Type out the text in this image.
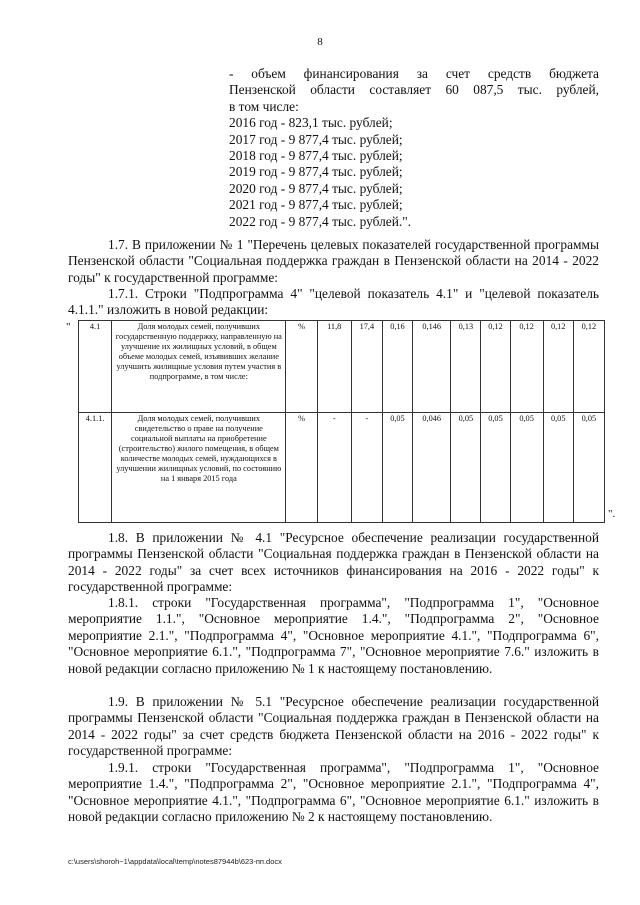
8
- объем финансирования за счет средств бюджета
Пензенской области составляет 60 087,5 тыс. рублей,
в том числе:
2016 год - 823,1 тыс. рублей;
2017 год - 9 877,4 тыс. рублей;
2018 год - 9 877,4 тыс. рублей;
2019 год - 9 877,4 тыс. рублей;
2020 год - 9 877,4 тыс. рублей;
2021 год - 9 877,4 тыс. рублей;
2022 год - 9 877,4 тыс. рублей.".
1.7. В приложении № 1 "Перечень целевых показателей государственной программы Пензенской области "Социальная поддержка граждан в Пензенской области на 2014 - 2022 годы" к государственной программе:
1.7.1. Строки "Подпрограмма 4" "целевой показатель 4.1" и "целевой показатель 4.1.1." изложить в новой редакции:
" 4.1	Доля молодых семей, получивших государственную поддержку, направленную на улучшение их жилищных условий, в общем объеме молодых семей, изъявивших желание улучшить жилищные условия путем участия в подпрограмме, в том числе:	%	11,8	17,4	0,16	0,146	0,13	0,12	0,12	0,12	0,12
4.1.1.	Доля молодых семей, получивших свидетельство о праве на получение социальной выплаты на приобретение (строительство) жилого помещения, в общем количестве молодых семей, нуждающихся в улучшении жилищных условий, по состоянию на 1 января 2015 года	%	-	-	0,05	0,046	0,05	0,05	0,05	0,05	0,05
".
1.8. В приложении № 4.1 "Ресурсное обеспечение реализации государственной программы Пензенской области "Социальная поддержка граждан в Пензенской области на 2014 - 2022 годы" за счет всех источников финансирования на 2016 - 2022 годы" к государственной программе:
1.8.1. строки "Государственная программа", "Подпрограмма 1", "Основное мероприятие 1.1.", "Основное мероприятие 1.4.", "Подпрограмма 2", "Основное мероприятие 2.1.", "Подпрограмма 4", "Основное мероприятие 4.1.", "Подпрограмма 6", "Основное мероприятие 6.1.", "Подпрограмма 7", "Основное мероприятие 7.6." изложить в новой редакции согласно приложению № 1 к настоящему постановлению.
1.9. В приложении № 5.1 "Ресурсное обеспечение реализации государственной программы Пензенской области "Социальная поддержка граждан в Пензенской области на 2014 - 2022 годы" за счет средств бюджета Пензенской области на 2016 - 2022 годы" к государственной программе:
1.9.1. строки "Государственная программа", "Подпрограмма 1", "Основное мероприятие 1.4.", "Подпрограмма 2", "Основное мероприятие 2.1.", "Подпрограмма 4", "Основное мероприятие 4.1.", "Подпрограмма 6", "Основное мероприятие 6.1." изложить в новой редакции согласно приложению № 2 к настоящему постановлению.
c:\users\shoroh~1\appdata\local\temp\notes87944b\623-пп.docx
